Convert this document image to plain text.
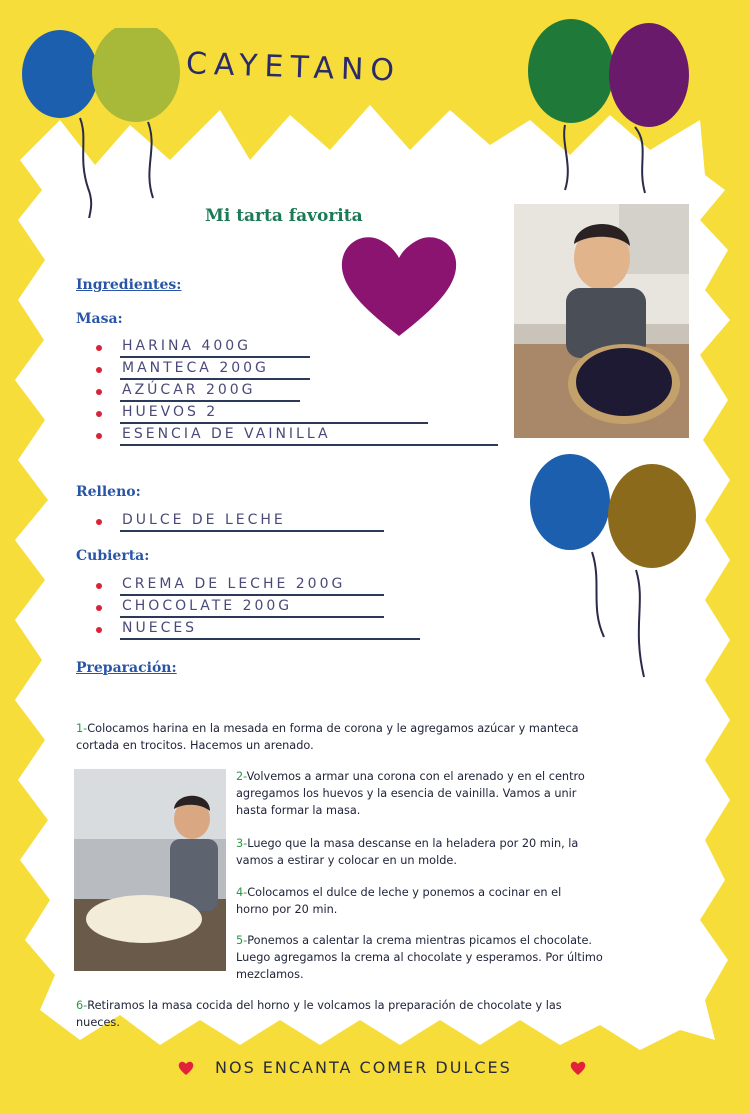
CAYETANO
Mi tarta favorita
Ingredientes:
Masa:
HARINA 400G
MANTECA 200G
AZÚCAR 200G
HUEVOS 2
ESENCIA DE VAINILLA
Relleno:
DULCE DE LECHE
Cubierta:
CREMA DE LECHE 200G
CHOCOLATE 200G
NUECES
Preparación:
1-Colocamos harina en la mesada en forma de corona y le agregamos azúcar y manteca cortada en trocitos. Hacemos un arenado.
2-Volvemos a armar una corona con el arenado y en el centro agregamos los huevos y la esencia de vainilla. Vamos a unir hasta formar la masa.
3-Luego que la masa descanse en la heladera por 20 min, la vamos a estirar y colocar en un molde.
4-Colocamos el dulce de leche y ponemos a cocinar en el horno por 20 min.
5-Ponemos a calentar la crema mientras picamos el chocolate. Luego agregamos la crema al chocolate y esperamos. Por último mezclamos.
6-Retiramos la masa cocida del horno y le volcamos la preparación de chocolate y las nueces.
NOS ENCANTA COMER DULCES
